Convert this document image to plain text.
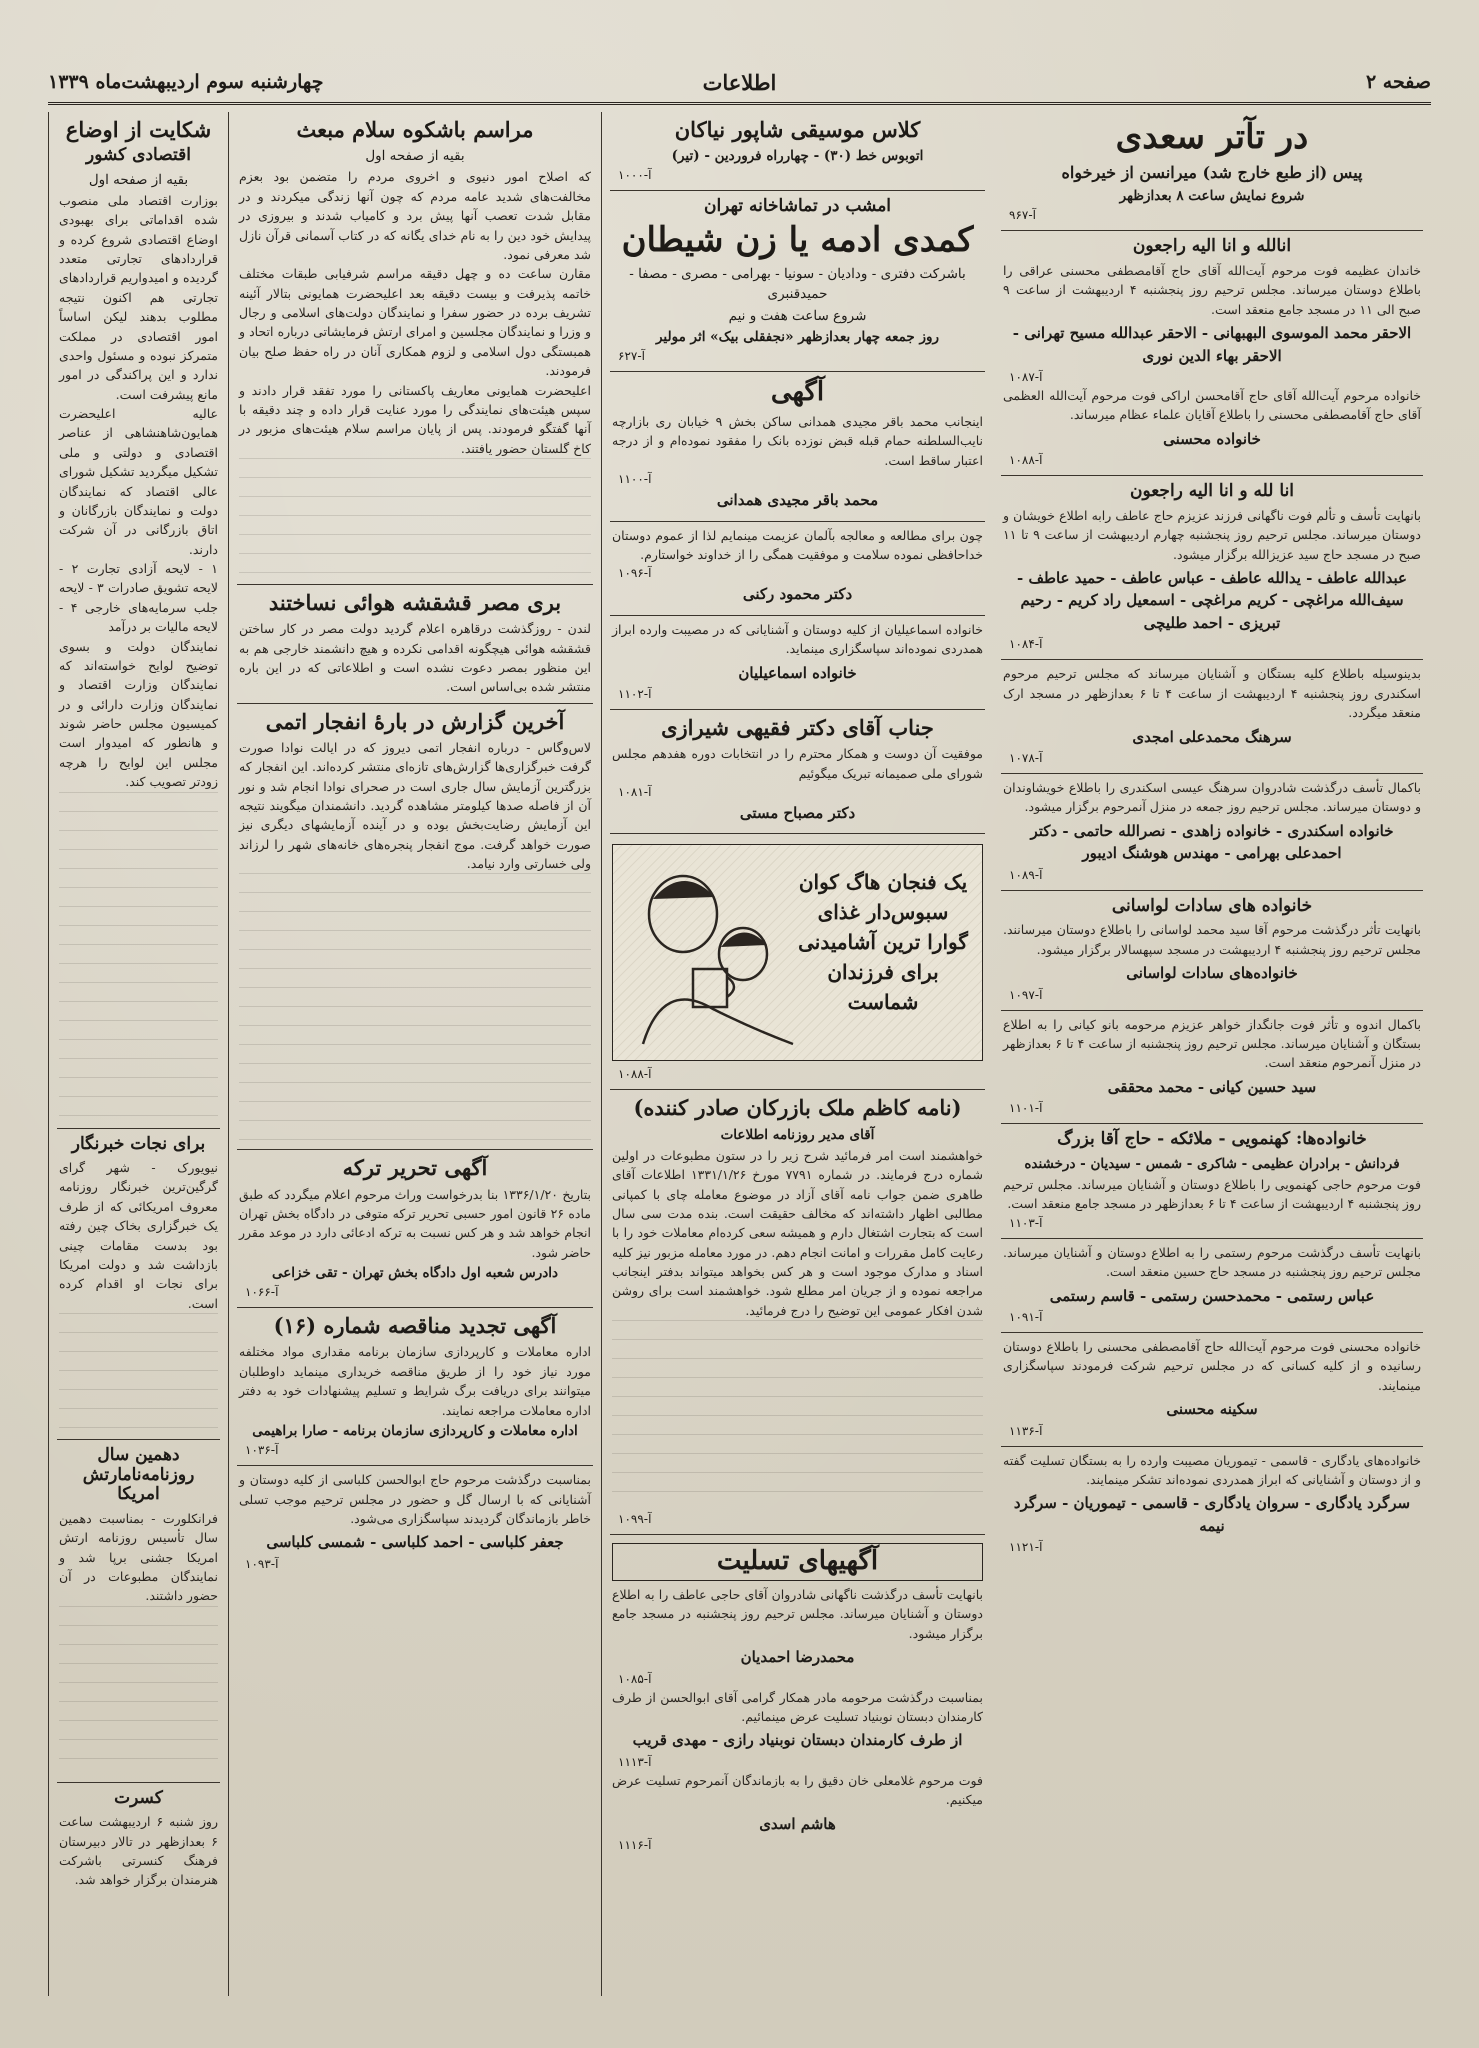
صفحه ۲
اطلاعات
چهارشنبه سوم اردیبهشت‌ماه ۱۳۳۹
شکایت از اوضاع
اقتصادی کشور
بقیه از صفحه اول

بوزارت اقتصاد ملی منصوب شده اقداماتی برای بهبودی اوضاع اقتصادی شروع کرده و قراردادهای تجارتی متعدد گردیده و امیدواریم قراردادهای تجارتی هم اکنون نتیجه مطلوب بدهند لیکن اساساً امور اقتصادی در مملکت متمرکز نبوده و مسئول واحدی ندارد و این پراکندگی در امور مانع پیشرفت است.

عالیه اعلیحضرت همایون‌شاهنشاهی از عناصر اقتصادی و دولتی و ملی تشکیل میگردید تشکیل شورای عالی اقتصاد که نمایندگان دولت و نمایندگان بازرگانان و اتاق بازرگانی در آن شرکت دارند.

۱ - لایحه آزادی تجارت ۲ - لایحه تشویق صادرات ۳ - لایحه جلب سرمایه‌های خارجی ۴ - لایحه مالیات بر درآمد

نمایندگان دولت و بسوی توضیح لوایح خواسته‌اند که نمایندگان وزارت اقتصاد و نمایندگان وزارت دارائی و در کمیسیون مجلس حاضر شوند و هانطور که امیدوار است مجلس این لوایح را هرچه زودتر تصویب کند.

برای نجات خبرنگار

نیویورک - شهر گرای گرگین‌ترین خبرنگار روزنامه معروف امریکائی که از طرف یک خبرگزاری بخاک چین رفته بود بدست مقامات چینی بازداشت شد و دولت امریکا برای نجات او اقدام کرده است.

دهمین سال روزنامه‌نامارتش امریکا

فرانکلورت - بمناسبت دهمین سال تأسیس روزنامه ارتش امریکا جشنی برپا شد و نمایندگان مطبوعات در آن حضور داشتند.

کسرت

روز شنبه ۶ اردیبهشت ساعت ۶ بعدازظهر در تالار دبیرستان فرهنگ کنسرتی باشرکت هنرمندان برگزار خواهد شد.

مراسم باشکوه سلام مبعث
بقیه از صفحه اول

که اصلاح امور دنیوی و اخروی مردم را متضمن بود بعزم مخالفت‌های شدید عامه مردم که چون آنها زندگی میکردند و در مقابل شدت تعصب آنها پیش برد و کامیاب شدند و بیروزی در پیدایش خود دین را به نام خدای یگانه که در کتاب آسمانی قرآن نازل شد معرفی نمود.

مقارن ساعت ده و چهل دقیقه مراسم شرفیابی طبقات مختلف خاتمه پذیرفت و بیست دقیقه بعد اعلیحضرت همایونی بتالار آئینه تشریف برده در حضور سفرا و نمایندگان دولت‌های اسلامی و رجال و وزرا و نمایندگان مجلسین و امرای ارتش فرمایشاتی درباره اتحاد و همبستگی دول اسلامی و لزوم همکاری آنان در راه حفظ صلح بیان فرمودند.

اعلیحضرت همایونی معاریف پاکستانی را مورد تفقد قرار دادند و سپس هیئت‌های نمایندگی را مورد عنایت قرار داده و چند دقیقه با آنها گفتگو فرمودند. پس از پایان مراسم سلام هیئت‌های مزبور در کاخ گلستان حضور یافتند.

بری مصر قشقشه هوائی نساختند

لندن - روزگذشت درقاهره اعلام گردید دولت مصر در کار ساختن قشقشه هوائی هیچگونه اقدامی نکرده و هیچ دانشمند خارجی هم به این منظور بمصر دعوت نشده است و اطلاعاتی که در این باره منتشر شده بی‌اساس است.

آخرین گزارش در بارهٔ انفجار اتمی

لاس‌وگاس - درباره انفجار اتمی دیروز که در ایالت نوادا صورت گرفت خبرگزاری‌ها گزارش‌های تازه‌ای منتشر کرده‌اند. این انفجار که بزرگترین آزمایش سال جاری است در صحرای نوادا انجام شد و نور آن از فاصله صدها کیلومتر مشاهده گردید. دانشمندان میگویند نتیجه این آزمایش رضایت‌بخش بوده و در آینده آزمایشهای دیگری نیز صورت خواهد گرفت. موج انفجار پنجره‌های خانه‌های شهر را لرزاند ولی خسارتی وارد نیامد.

آگهی تحریر ترکه

بتاریخ ۱۳۳۶/۱/۲۰ بنا بدرخواست وراث مرحوم اعلام میگردد که طبق ماده ۲۶ قانون امور حسبی تحریر ترکه متوفی در دادگاه بخش تهران انجام خواهد شد و هر کس نسبت به ترکه ادعائی دارد در موعد مقرر حاضر شود.

دادرس شعبه اول دادگاه بخش تهران - تقی خزاعی
آ-۱۰۶۶
آگهی تجدید مناقصه شماره (۱۶)

اداره معاملات و کارپردازی سازمان برنامه مقداری مواد مختلفه مورد نیاز خود را از طریق مناقصه خریداری مینماید داوطلبان میتوانند برای دریافت برگ شرایط و تسلیم پیشنهادات خود به دفتر اداره معاملات مراجعه نمایند.

اداره معاملات و کارپردازی سازمان برنامه - صارا براهیمی
آ-۱۰۳۶

بمناسبت درگذشت مرحوم حاج ابوالحسن کلباسی از کلیه دوستان و آشنایانی که با ارسال گل و حضور در مجلس ترحیم موجب تسلی خاطر بازماندگان گردیدند سپاسگزاری می‌شود.

جعفر کلباسی - احمد کلباسی - شمسی کلباسی
آ-۱۰۹۳
کلاس موسیقی شاپور نیاکان
اتوبوس خط (۳۰) - چهارراه فروردین - (تیر)
آ-۱۰۰۰
امشب در تماشاخانه تهران
کمدی ادمه یا زن شیطان
باشرکت دفتری - ودادیان - سونیا - بهرامی - مصری - مصفا - حمیدقنبری
شروع ساعت هفت و نیم
روز جمعه چهار بعدازظهر «نجفقلی بیک» اثر مولیر
آ-۶۲۷
آگهی

اینجانب محمد باقر مجیدی همدانی ساکن بخش ۹ خیابان ری بازارچه نایب‌السلطنه حمام قبله قبض نوزده بانک را مفقود نموده‌ام و از درجه اعتبار ساقط است.

آ-۱۱۰۰
محمد باقر مجیدی همدانی

چون برای مطالعه و معالجه بآلمان عزیمت مینمایم لذا از عموم دوستان خداحافظی نموده سلامت و موفقیت همگی را از خداوند خواستارم.

آ-۱۰۹۶
دکتر محمود رکنی

خانواده اسماعیلیان از کلیه دوستان و آشنایانی که در مصیبت وارده ابراز همدردی نموده‌اند سپاسگزاری مینماید.

خانواده اسماعیلیان
آ-۱۱۰۲
جناب آقای دکتر فقیهی شیرازی

موفقیت آن دوست و همکار محترم را در انتخابات دوره هفدهم مجلس شورای ملی صمیمانه تبریک میگوئیم

آ-۱۰۸۱
دکتر مصباح مستی
یک فنجان هاگ کوان سبوس‌دار غذای گوارا ترین آشامیدنی برای فرزندان شماست
آ-۱۰۸۸
(نامه کاظم ملک بازرکان صادر کننده)
آقای مدیر روزنامه اطلاعات

خواهشمند است امر فرمائید شرح زیر را در ستون مطبوعات در اولین شماره درج فرمایند. در شماره ۷۷۹۱ مورخ ۱۳۳۱/۱/۲۶ اطلاعات آقای طاهری ضمن جواب نامه آقای آزاد در موضوع معامله چای با کمپانی مطالبی اظهار داشته‌اند که مخالف حقیقت است. بنده مدت سی سال است که بتجارت اشتغال دارم و همیشه سعی کرده‌ام معاملات خود را با رعایت کامل مقررات و امانت انجام دهم. در مورد معامله مزبور نیز کلیه اسناد و مدارک موجود است و هر کس بخواهد میتواند بدفتر اینجانب مراجعه نموده و از جریان امر مطلع شود. خواهشمند است برای روشن شدن افکار عمومی این توضیح را درج فرمائید.

آ-۱۰۹۹
آگهیهای تسلیت

بانهایت تأسف درگذشت ناگهانی شادروان آقای حاجی عاطف را به اطلاع دوستان و آشنایان میرساند. مجلس ترحیم روز پنجشنبه در مسجد جامع برگزار میشود.

محمدرضا احمدیان
آ-۱۰۸۵

بمناسبت درگذشت مرحومه مادر همکار گرامی آقای ابوالحسن از طرف کارمندان دبستان نوبنیاد تسلیت عرض مینمائیم.

از طرف کارمندان دبستان نوبنیاد رازی - مهدی قریب
آ-۱۱۱۳

فوت مرحوم غلامعلی خان دقیق را به بازماندگان آنمرحوم تسلیت عرض میکنیم.

هاشم اسدی
آ-۱۱۱۶
در تآتر سعدی
پیس (از طبع خارج شد) میرانسن از خیرخواه
شروع نمایش ساعت ۸ بعدازظهر
آ-۹۶۷
انالله و انا الیه راجعون

خاندان عظیمه فوت مرحوم آیت‌الله آقای حاج آقامصطفی محسنی عراقی را باطلاع دوستان میرساند. مجلس ترحیم روز پنجشنبه ۴ اردیبهشت از ساعت ۹ صبح الی ۱۱ در مسجد جامع منعقد است.

الاحقر محمد الموسوی البهبهانی - الاحقر عبدالله مسیح تهرانی - الاحقر بهاء الدین نوری
آ-۱۰۸۷

خانواده مرحوم آیت‌الله آقای حاج آقامحسن اراکی فوت مرحوم آیت‌الله العظمی آقای حاج آقامصطفی محسنی را باطلاع آقایان علماء عظام میرساند.

خانواده محسنی
آ-۱۰۸۸
انا لله و انا الیه راجعون

بانهایت تأسف و تألم فوت ناگهانی فرزند عزیزم حاج عاطف رابه اطلاع خویشان و دوستان میرساند. مجلس ترحیم روز پنجشنبه چهارم اردیبهشت از ساعت ۹ تا ۱۱ صبح در مسجد حاج سید عزیزالله برگزار میشود.

عبدالله عاطف - یدالله عاطف - عباس عاطف - حمید عاطف - سیف‌الله مراغچی - کریم مراغچی - اسمعیل راد کریم - رحیم تبریزی - احمد طلیچی
آ-۱۰۸۴

بدینوسیله باطلاع کلیه بستگان و آشنایان میرساند که مجلس ترحیم مرحوم اسکندری روز پنجشنبه ۴ اردیبهشت از ساعت ۴ تا ۶ بعدازظهر در مسجد ارک منعقد میگردد.

سرهنگ محمدعلی امجدی
آ-۱۰۷۸

باکمال تأسف درگذشت شادروان سرهنگ عیسی اسکندری را باطلاع خویشاوندان و دوستان میرساند. مجلس ترحیم روز جمعه در منزل آنمرحوم برگزار میشود.

خانواده اسکندری - خانواده زاهدی - نصرالله حاتمی - دکتر احمدعلی بهرامی - مهندس هوشنگ ادیبور
آ-۱۰۸۹
خانواده های سادات لواسانی

بانهایت تأثر درگذشت مرحوم آقا سید محمد لواسانی را باطلاع دوستان میرسانند. مجلس ترحیم روز پنجشنبه ۴ اردیبهشت در مسجد سپهسالار برگزار میشود.

خانواده‌های سادات لواسانی
آ-۱۰۹۷

باکمال اندوه و تأثر فوت جانگداز خواهر عزیزم مرحومه بانو کیانی را به اطلاع بستگان و آشنایان میرساند. مجلس ترحیم روز پنجشنبه از ساعت ۴ تا ۶ بعدازظهر در منزل آنمرحوم منعقد است.

سید حسین کیانی - محمد محققی
آ-۱۱۰۱
خانواده‌ها: کهنمویی - ملائکه - حاج آقا بزرگ
فردانش - برادران عظیمی - شاکری - شمس - سیدیان - درخشنده

فوت مرحوم حاجی کهنمویی را باطلاع دوستان و آشنایان میرساند. مجلس ترحیم روز پنجشنبه ۴ اردیبهشت از ساعت ۴ تا ۶ بعدازظهر در مسجد جامع منعقد است.

آ-۱۱۰۳

بانهایت تأسف درگذشت مرحوم رستمی را به اطلاع دوستان و آشنایان میرساند. مجلس ترحیم روز پنجشنبه در مسجد حاج حسین منعقد است.

عباس رستمی - محمدحسن رستمی - قاسم رستمی
آ-۱۰۹۱

خانواده محسنی فوت مرحوم آیت‌الله حاج آقامصطفی محسنی را باطلاع دوستان رسانیده و از کلیه کسانی که در مجلس ترحیم شرکت فرمودند سپاسگزاری مینمایند.

سکینه محسنی
آ-۱۱۳۶

خانواده‌های یادگاری - قاسمی - تیموریان مصیبت وارده را به بستگان تسلیت گفته و از دوستان و آشنایانی که ابراز همدردی نموده‌اند تشکر مینمایند.

سرگرد یادگاری - سروان یادگاری - قاسمی - تیموریان - سرگرد نیمه
آ-۱۱۲۱
